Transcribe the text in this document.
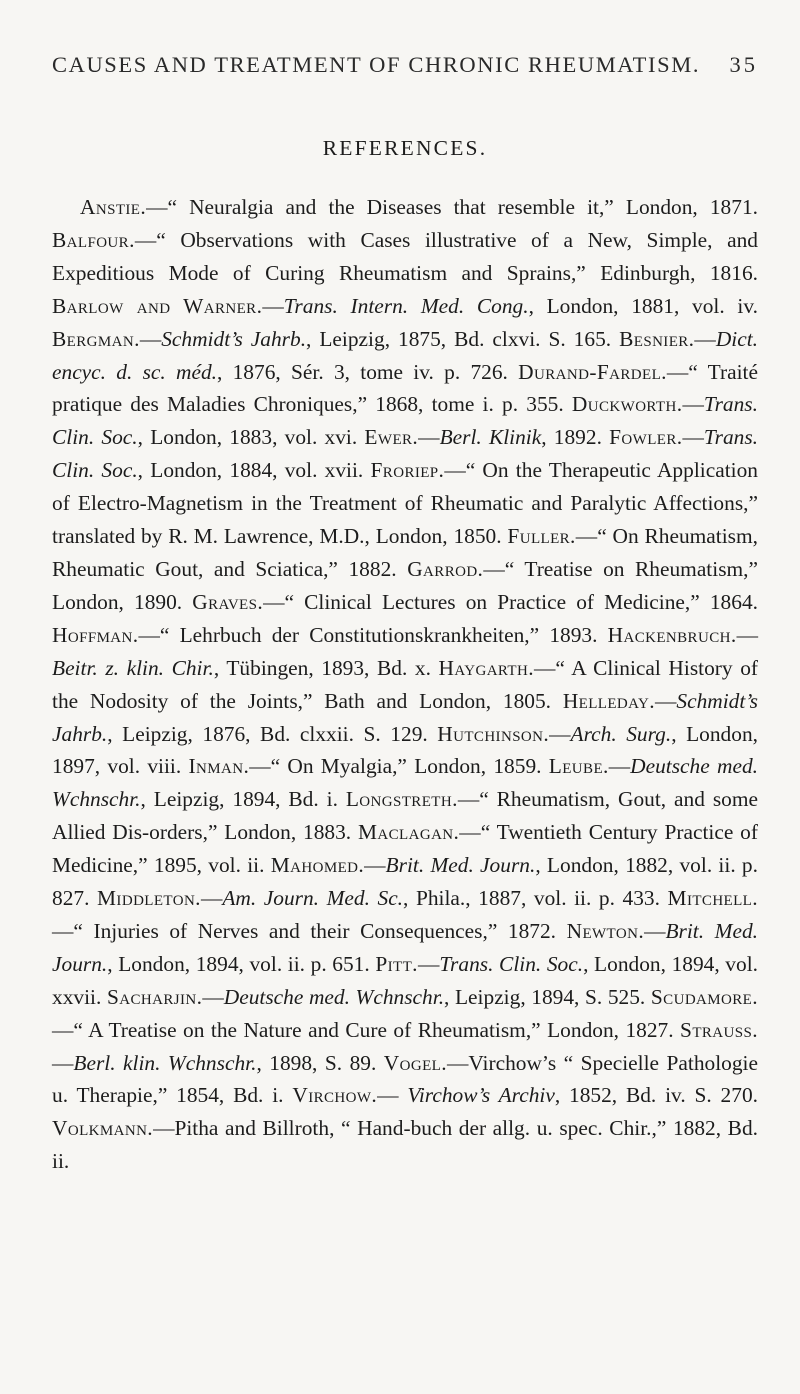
CAUSES AND TREATMENT OF CHRONIC RHEUMATISM. 35
REFERENCES.

Anstie.—“ Neuralgia and the Diseases that resemble it,” London, 1871. Balfour.—“ Observations with Cases illustrative of a New, Simple, and Expeditious Mode of Curing Rheumatism and Sprains,” Edinburgh, 1816. Barlow and Warner.—Trans. Intern. Med. Cong., London, 1881, vol. iv. Bergman.—Schmidt’s Jahrb., Leipzig, 1875, Bd. clxvi. S. 165. Besnier.—Dict. encyc. d. sc. méd., 1876, Sér. 3, tome iv. p. 726. Durand-Fardel.—“ Traité pratique des Maladies Chroniques,” 1868, tome i. p. 355. Duckworth.—Trans. Clin. Soc., London, 1883, vol. xvi. Ewer.—Berl. Klinik, 1892. Fowler.—Trans. Clin. Soc., London, 1884, vol. xvii. Froriep.—“ On the Therapeutic Application of Electro-Magnetism in the Treatment of Rheumatic and Paralytic Affections,” translated by R. M. Lawrence, M.D., London, 1850. Fuller.—“ On Rheumatism, Rheumatic Gout, and Sciatica,” 1882. Garrod.—“ Treatise on Rheumatism,” London, 1890. Graves.—“ Clinical Lectures on Practice of Medicine,” 1864. Hoffman.—“ Lehrbuch der Constitutionskrankheiten,” 1893. Hackenbruch.—Beitr. z. klin. Chir., Tübingen, 1893, Bd. x. Haygarth.—“ A Clinical History of the Nodosity of the Joints,” Bath and London, 1805. Helleday.—Schmidt’s Jahrb., Leipzig, 1876, Bd. clxxii. S. 129. Hutchinson.—Arch. Surg., London, 1897, vol. viii. Inman.—“ On Myalgia,” London, 1859. Leube.—Deutsche med. Wchnschr., Leipzig, 1894, Bd. i. Longstreth.—“ Rheumatism, Gout, and some Allied Dis-orders,” London, 1883. Maclagan.—“ Twentieth Century Practice of Medicine,” 1895, vol. ii. Mahomed.—Brit. Med. Journ., London, 1882, vol. ii. p. 827. Middleton.—Am. Journ. Med. Sc., Phila., 1887, vol. ii. p. 433. Mitchell.—“ Injuries of Nerves and their Consequences,” 1872. Newton.—Brit. Med. Journ., London, 1894, vol. ii. p. 651. Pitt.—Trans. Clin. Soc., London, 1894, vol. xxvii. Sacharjin.—Deutsche med. Wchnschr., Leipzig, 1894, S. 525. Scudamore.—“ A Treatise on the Nature and Cure of Rheumatism,” London, 1827. Strauss.—Berl. klin. Wchnschr., 1898, S. 89. Vogel.—Virchow’s “ Specielle Pathologie u. Therapie,” 1854, Bd. i. Virchow.— Virchow’s Archiv, 1852, Bd. iv. S. 270. Volkmann.—Pitha and Billroth, “ Hand-buch der allg. u. spec. Chir.,” 1882, Bd. ii.
